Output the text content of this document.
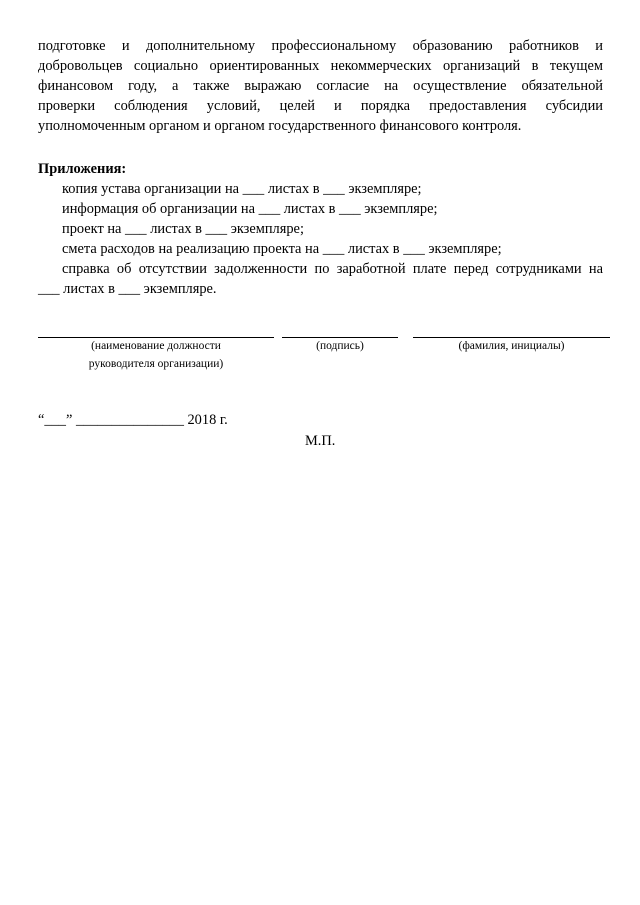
подготовке и дополнительному профессиональному образованию работников и
добровольцев социально ориентированных некоммерческих организаций в текущем
финансовом году, а также выражаю согласие на осуществление обязательной
проверки соблюдения условий, целей и порядка предоставления субсидии
уполномоченным органом и органом государственного финансового контроля.
Приложения:
копия устава организации на ___ листах в ___ экземпляре;
информация об организации на ___ листах в ___ экземпляре;
проект на ___ листах в ___ экземпляре;
смета расходов на реализацию проекта на ___ листах в ___ экземпляре;
справка об отсутствии задолженности по заработной плате перед сотрудниками на
___ листах в ___ экземпляре.
(наименование должности
руководителя организации)
(подпись)	(фамилия, инициалы)
“___” _______________ 2018 г.
М.П.
